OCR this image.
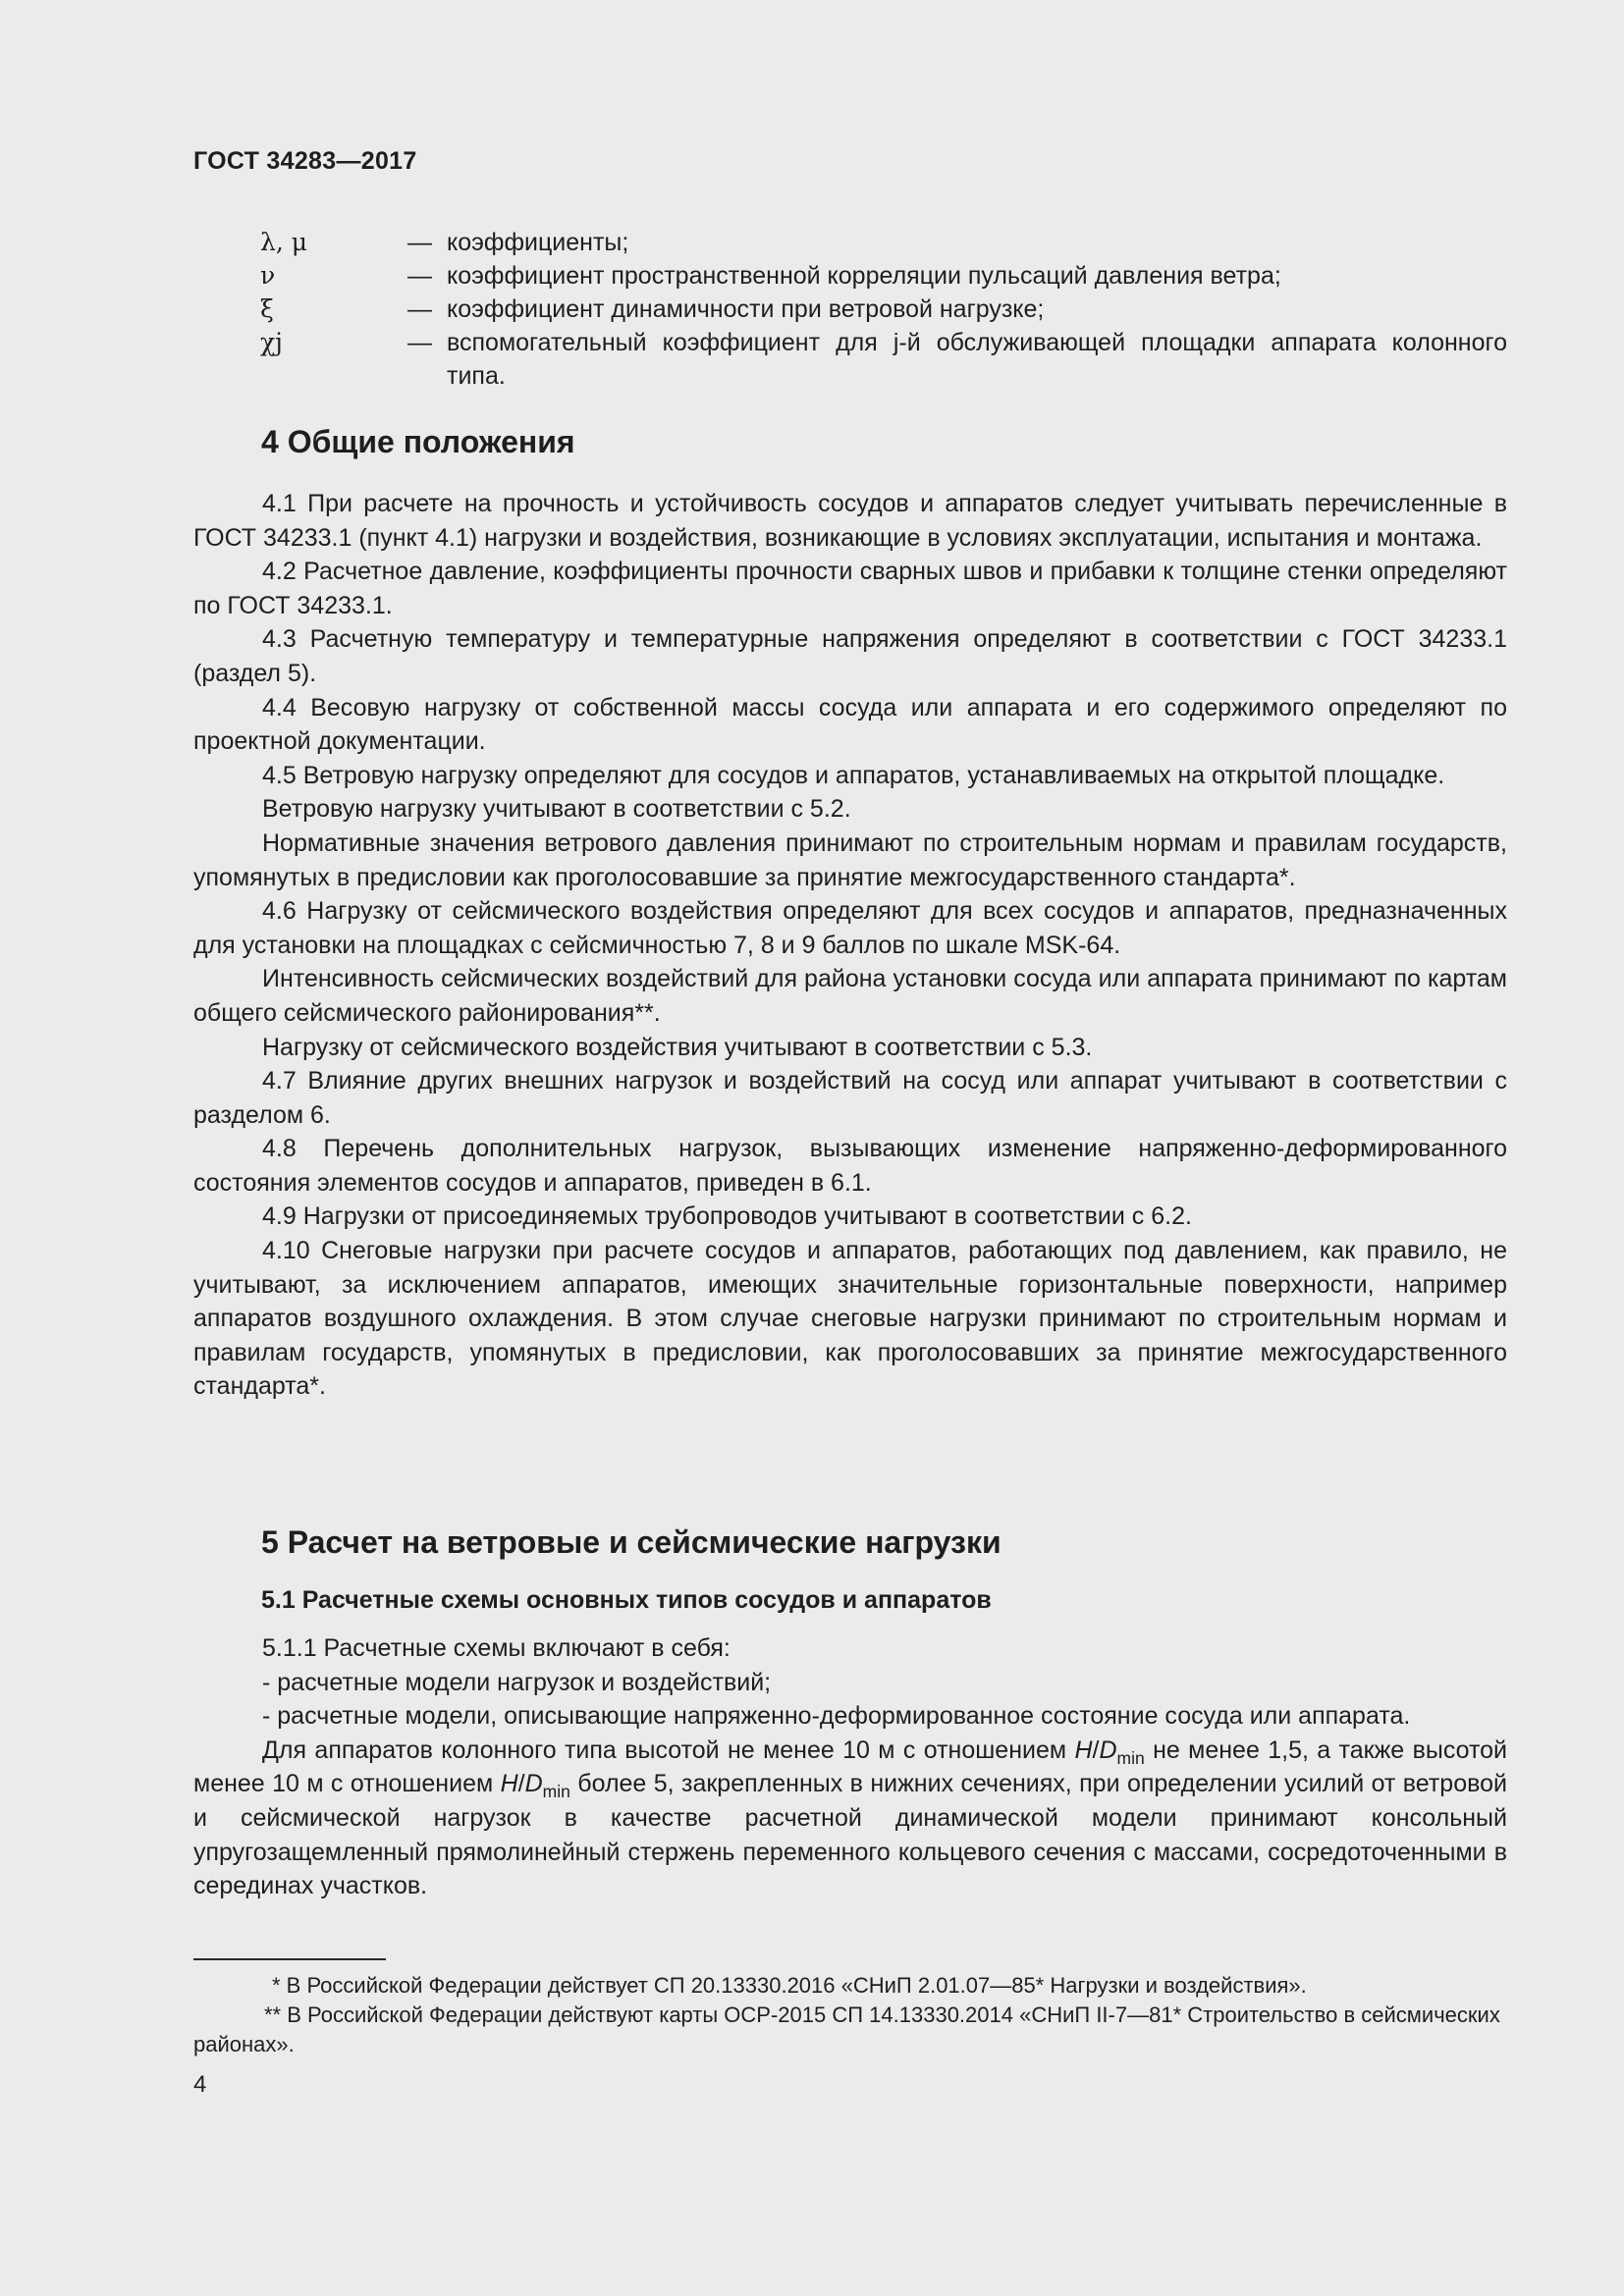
ГОСТ 34283—2017
λ, μ	— коэффициенты;
ν	— коэффициент пространственной корреляции пульсаций давления ветра;
ξ	— коэффициент динамичности при ветровой нагрузке;
χj	— вспомогательный коэффициент для j-й обслуживающей площадки аппарата колонного типа.
4 Общие положения

4.1 При расчете на прочность и устойчивость сосудов и аппаратов следует учитывать перечисленные в ГОСТ 34233.1 (пункт 4.1) нагрузки и воздействия, возникающие в условиях эксплуатации, испытания и монтажа.

4.2 Расчетное давление, коэффициенты прочности сварных швов и прибавки к толщине стенки определяют по ГОСТ 34233.1.

4.3 Расчетную температуру и температурные напряжения определяют в соответствии с ГОСТ 34233.1 (раздел 5).

4.4 Весовую нагрузку от собственной массы сосуда или аппарата и его содержимого определяют по проектной документации.

4.5 Ветровую нагрузку определяют для сосудов и аппаратов, устанавливаемых на открытой площадке.

Ветровую нагрузку учитывают в соответствии с 5.2.

Нормативные значения ветрового давления принимают по строительным нормам и правилам государств, упомянутых в предисловии как проголосовавшие за принятие межгосударственного стандарта*.

4.6 Нагрузку от сейсмического воздействия определяют для всех сосудов и аппаратов, предназначенных для установки на площадках с сейсмичностью 7, 8 и 9 баллов по шкале MSK-64.

Интенсивность сейсмических воздействий для района установки сосуда или аппарата принимают по картам общего сейсмического районирования**.

Нагрузку от сейсмического воздействия учитывают в соответствии с 5.3.

4.7 Влияние других внешних нагрузок и воздействий на сосуд или аппарат учитывают в соответствии с разделом 6.

4.8 Перечень дополнительных нагрузок, вызывающих изменение напряженно-деформированного состояния элементов сосудов и аппаратов, приведен в 6.1.

4.9 Нагрузки от присоединяемых трубопроводов учитывают в соответствии с 6.2.

4.10 Снеговые нагрузки при расчете сосудов и аппаратов, работающих под давлением, как правило, не учитывают, за исключением аппаратов, имеющих значительные горизонтальные поверхности, например аппаратов воздушного охлаждения. В этом случае снеговые нагрузки принимают по строительным нормам и правилам государств, упомянутых в предисловии, как проголосовавших за принятие межгосударственного стандарта*.

5 Расчет на ветровые и сейсмические нагрузки
5.1 Расчетные схемы основных типов сосудов и аппаратов

5.1.1 Расчетные схемы включают в себя:

- расчетные модели нагрузок и воздействий;

- расчетные модели, описывающие напряженно-деформированное состояние сосуда или аппарата.

Для аппаратов колонного типа высотой не менее 10 м с отношением $H/D_{min}$ не менее 1,5, а также высотой менее 10 м с отношением $H/D_{min}$ более 5, закрепленных в нижних сечениях, при определении усилий от ветровой и сейсмической нагрузок в качестве расчетной динамической модели принимают консольный упругозащемленный прямолинейный стержень переменного кольцевого сечения с массами, сосредоточенными в серединах участков.

* В Российской Федерации действует СП 20.13330.2016 «СНиП 2.01.07—85* Нагрузки и воздействия».

** В Российской Федерации действуют карты ОСР-2015 СП 14.13330.2014 «СНиП II-7—81* Строительство в сейсмических районах».

4
